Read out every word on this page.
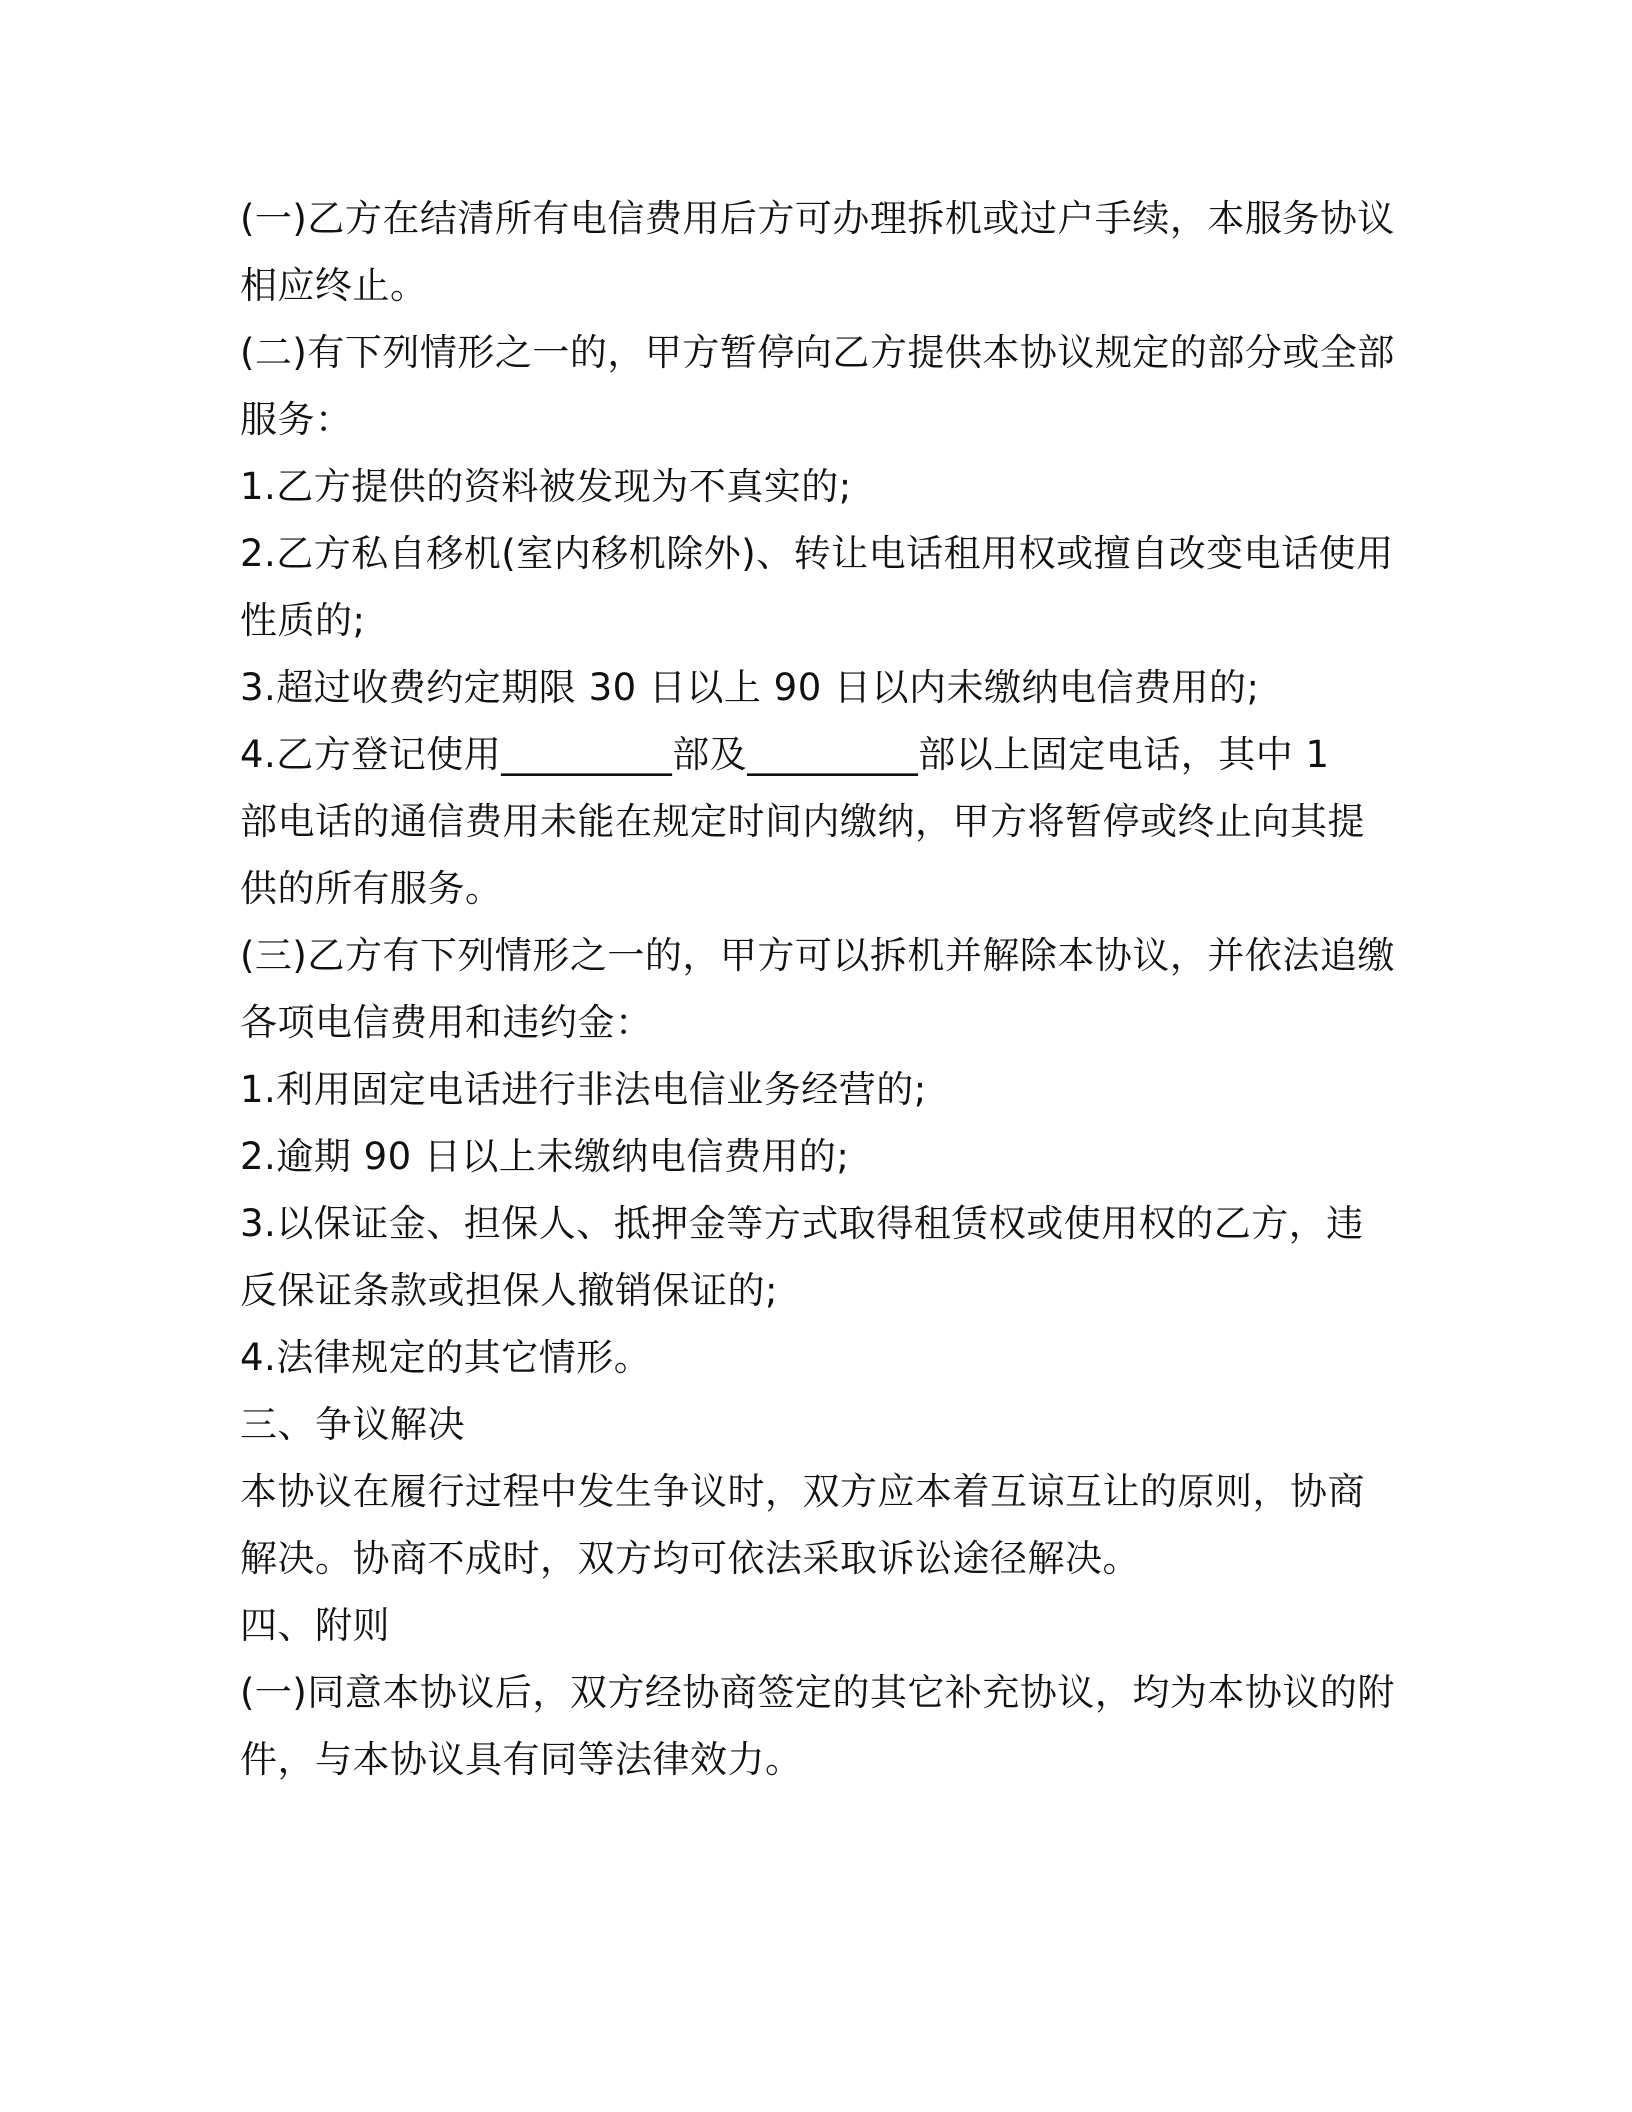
(一)乙方在结清所有电信费用后方可办理拆机或过户手续，本服务协议
相应终止。
(二)有下列情形之一的，甲方暂停向乙方提供本协议规定的部分或全部
服务：
1.乙方提供的资料被发现为不真实的;
2.乙方私自移机(室内移机除外)、转让电话租用权或擅自改变电话使用
性质的;
3.超过收费约定期限 30 日以上 90 日以内未缴纳电信费用的;
4.乙方登记使用_________部及_________部以上固定电话，其中 1
部电话的通信费用未能在规定时间内缴纳，甲方将暂停或终止向其提
供的所有服务。
(三)乙方有下列情形之一的，甲方可以拆机并解除本协议，并依法追缴
各项电信费用和违约金：
1.利用固定电话进行非法电信业务经营的;
2.逾期 90 日以上未缴纳电信费用的;
3.以保证金、担保人、抵押金等方式取得租赁权或使用权的乙方，违
反保证条款或担保人撤销保证的;
4.法律规定的其它情形。
三、争议解决
本协议在履行过程中发生争议时，双方应本着互谅互让的原则，协商
解决。协商不成时，双方均可依法采取诉讼途径解决。
四、附则
(一)同意本协议后，双方经协商签定的其它补充协议，均为本协议的附
件，与本协议具有同等法律效力。
